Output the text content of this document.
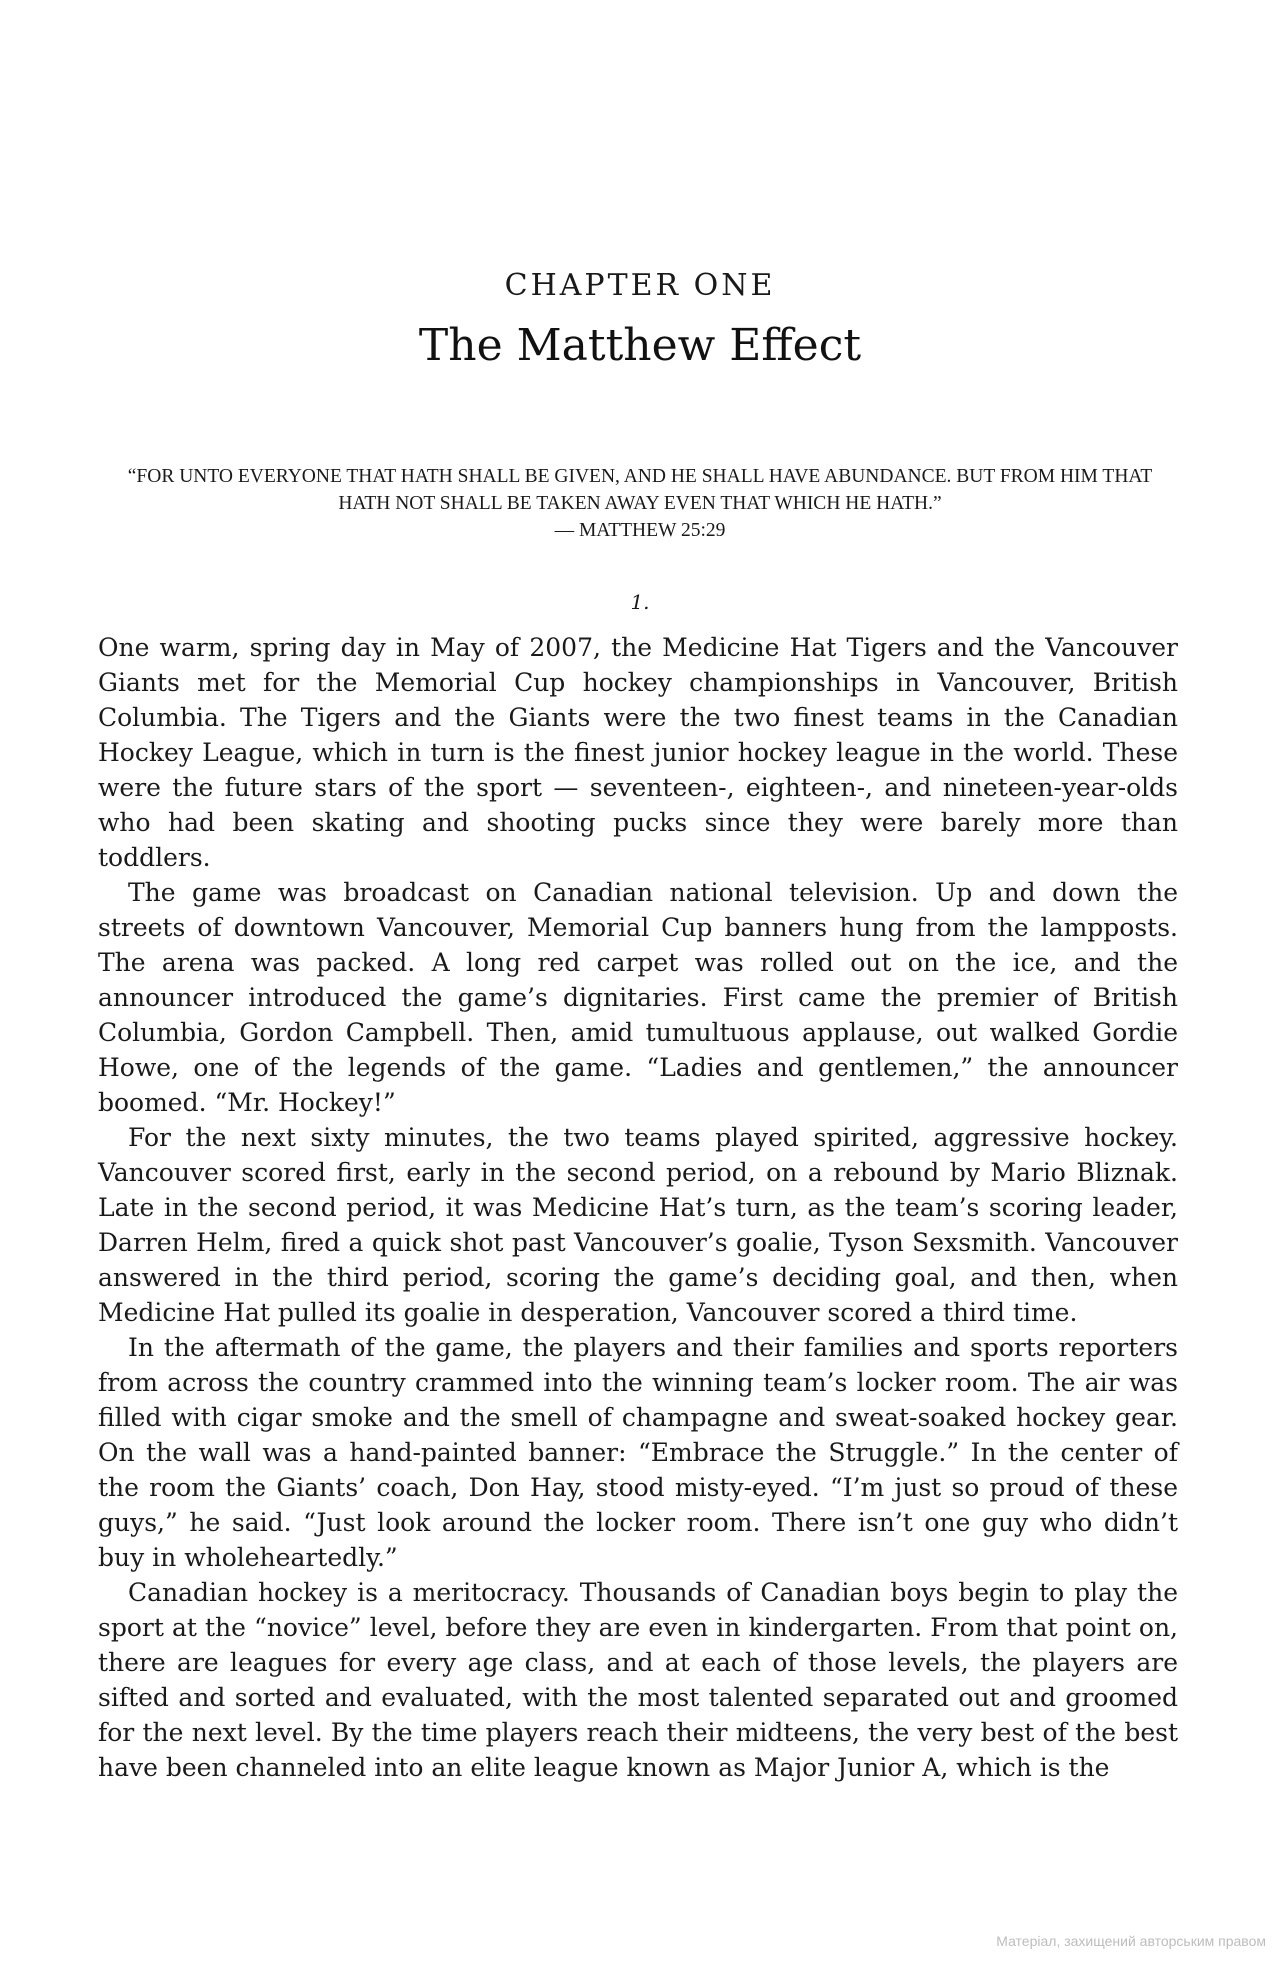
CHAPTER ONE
The Matthew Effect
“FOR UNTO EVERYONE THAT HATH SHALL BE GIVEN, AND HE SHALL HAVE ABUNDANCE. BUT FROM HIM THAT HATH NOT SHALL BE TAKEN AWAY EVEN THAT WHICH HE HATH.”
— MATTHEW 25:29
1.

One warm, spring day in May of 2007, the Medicine Hat Tigers and the Vancouver Giants met for the Memorial Cup hockey championships in Vancouver, British Columbia. The Tigers and the Giants were the two finest teams in the Canadian Hockey League, which in turn is the finest junior hockey league in the world. These were the future stars of the sport — seventeen-, eighteen-, and nineteen-year-olds who had been skating and shooting pucks since they were barely more than toddlers.

The game was broadcast on Canadian national television. Up and down the streets of downtown Vancouver, Memorial Cup banners hung from the lampposts. The arena was packed. A long red carpet was rolled out on the ice, and the announcer introduced the game’s dignitaries. First came the premier of British Columbia, Gordon Campbell. Then, amid tumultuous applause, out walked Gordie Howe, one of the legends of the game. “Ladies and gentlemen,” the announcer boomed. “Mr. Hockey!”

For the next sixty minutes, the two teams played spirited, aggressive hockey. Vancouver scored first, early in the second period, on a rebound by Mario Bliznak. Late in the second period, it was Medicine Hat’s turn, as the team’s scoring leader, Darren Helm, fired a quick shot past Vancouver’s goalie, Tyson Sexsmith. Vancouver answered in the third period, scoring the game’s deciding goal, and then, when Medicine Hat pulled its goalie in desperation, Vancouver scored a third time.

In the aftermath of the game, the players and their families and sports reporters from across the country crammed into the winning team’s locker room. The air was filled with cigar smoke and the smell of champagne and sweat-soaked hockey gear. On the wall was a hand-painted banner: “Embrace the Struggle.” In the center of the room the Giants’ coach, Don Hay, stood misty-eyed. “I’m just so proud of these guys,” he said. “Just look around the locker room. There isn’t one guy who didn’t buy in wholeheartedly.”

Canadian hockey is a meritocracy. Thousands of Canadian boys begin to play the sport at the “novice” level, before they are even in kindergarten. From that point on, there are leagues for every age class, and at each of those levels, the players are sifted and sorted and evaluated, with the most talented separated out and groomed for the next level. By the time players reach their midteens, the very best of the best have been channeled into an elite league known as Major Junior A, which is the

Матеріал, захищений авторським правом
